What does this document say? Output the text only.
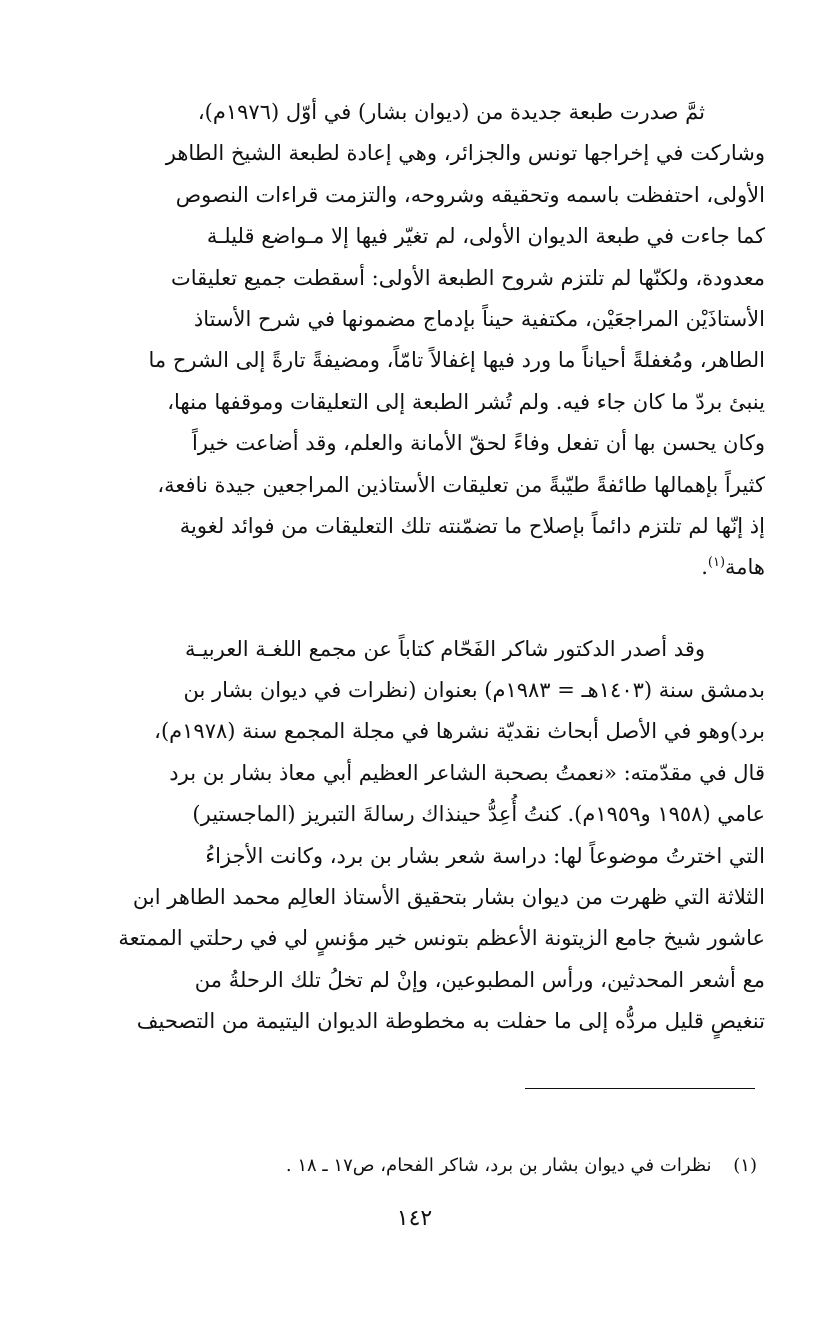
ثمَّ صدرت طبعة جديدة من (ديوان بشار) في أوّل (١٩٧٦م)،
وشاركت في إخراجها تونس والجزائر، وهي إعادة لطبعة الشيخ الطاهر
الأولى، احتفظت باسمه وتحقيقه وشروحه، والتزمت قراءات النصوص
كما جاءت في طبعة الديوان الأولى، لم تغيّر فيها إلا مـواضع قليلـة
معدودة، ولكنّها لم تلتزم شروح الطبعة الأولى: أسقطت جميع تعليقات
الأستاذَيْن المراجعَيْن، مكتفية حيناً بإدماج مضمونها في شرح الأستاذ
الطاهر، ومُغفلةً أحياناً ما ورد فيها إغفالاً تامّاً، ومضيفةً تارةً إلى الشرح ما
ينبئ بردّ ما كان جاء فيه. ولم تُشر الطبعة إلى التعليقات وموقفها منها،
وكان يحسن بها أن تفعل وفاءً لحقّ الأمانة والعلم، وقد أضاعت خيراً
كثيراً بإهمالها طائفةً طيّبةً من تعليقات الأستاذين المراجعين جيدة نافعة،
إذ إنّها لم تلتزم دائماً بإصلاح ما تضمّنته تلك التعليقات من فوائد لغوية
هامة$^{(١)}$.
وقد أصدر الدكتور شاكر الفَحّام كتاباً عن مجمع اللغـة العربيـة
بدمشق سنة (١٤٠٣هـ = ١٩٨٣م) بعنوان (نظرات في ديوان بشار بن
برد)وهو في الأصل أبحاث نقديّة نشرها في مجلة المجمع سنة (١٩٧٨م)،
قال في مقدّمته: «نعمتُ بصحبة الشاعر العظيم أبي معاذ بشار بن برد
عامي (١٩٥٨ و١٩٥٩م). كنتُ أُعِدُّ حينذاك رسالةَ التبريز (الماجستير)
التي اخترتُ موضوعاً لها: دراسة شعر بشار بن برد، وكانت الأجزاءُ
الثلاثة التي ظهرت من ديوان بشار بتحقيق الأستاذ العالِم محمد الطاهر ابن
عاشور شيخ جامع الزيتونة الأعظم بتونس خير مؤنسٍ لي في رحلتي الممتعة
مع أشعر المحدثين، ورأس المطبوعين، وإنْ لم تخلُ تلك الرحلةُ من
تنغيصٍ قليل مردُّه إلى ما حفلت به مخطوطة الديوان اليتيمة من التصحيف
(١) نظرات في ديوان بشار بن برد، شاكر الفحام، ص١٧ ـ ١٨ .
١٤٢
